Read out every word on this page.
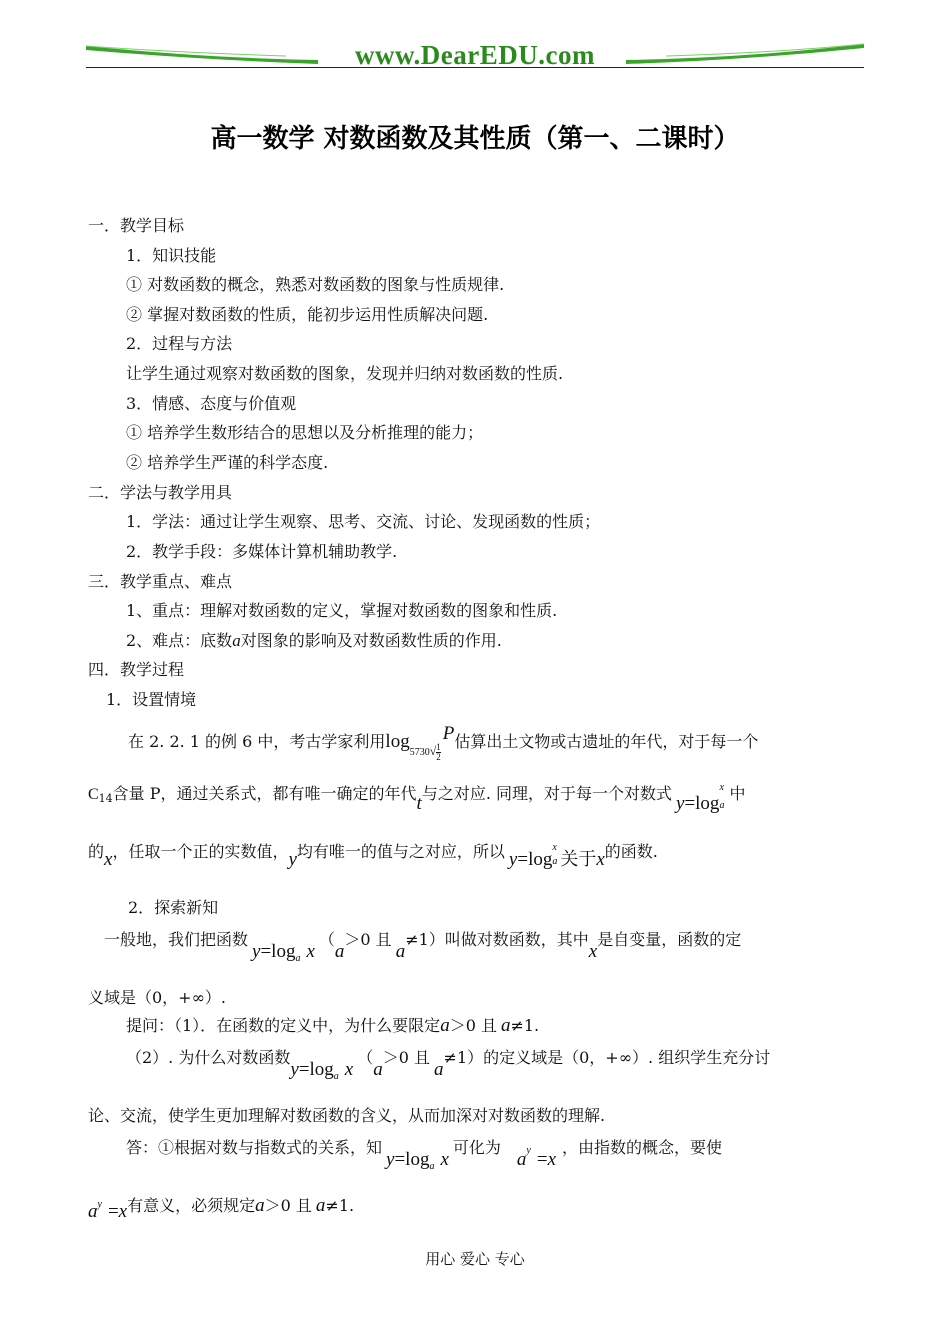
www.DearEDU.com
高一数学 对数函数及其性质（第一、二课时）
一．教学目标
1．知识技能
① 对数函数的概念，熟悉对数函数的图象与性质规律.
② 掌握对数函数的性质，能初步运用性质解决问题.
2．过程与方法
让学生通过观察对数函数的图象，发现并归纳对数函数的性质.
3．情感、态度与价值观
① 培养学生数形结合的思想以及分析推理的能力；
② 培养学生严谨的科学态度.
二．学法与教学用具
1．学法：通过让学生观察、思考、交流、讨论、发现函数的性质；
2．教学手段：多媒体计算机辅助教学.
三．教学重点、难点
1、重点：理解对数函数的定义，掌握对数函数的图象和性质.
2、难点：底数a对图象的影响及对数函数性质的作用.
四．教学过程
1．设置情境
在 2. 2. 1 的例 6 中，考古学家利用$\log 5730√ \frac{1}{2}$
P估算出土文物或古遗址的年代，对于每一个
C14含量 P，通过关系式，都有唯一确定的年代t与之对应. 同理，对于每一个对数式 y=log
x
a
中
的x，任取一个正的实数值，y均有唯一的值与之对应，所以 y=log
x
a 关于x的函数.
2．探索新知
一般地，我们把函数$y=\log_a$ x（a＞0 且a≠1）叫做对数函数，其中x是自变量，函数的定
义域是（0，+∞）.
提问：（1）．在函数的定义中，为什么要限定a＞0 且 a≠1.
（2）. 为什么对数函数$y=\log_a$ x（a＞0 且a≠1）的定义域是（0，+∞）. 组织学生充分讨
论、交流，使学生更加理解对数函数的含义，从而加深对对数函数的理解.
答：①根据对数与指数式的关系，知$y=\log_a$ x可化为ay =x，由指数的概念，要使
$a^y =x$有意义，必须规定a＞0 且 a≠1.
用心 爱心 专心
